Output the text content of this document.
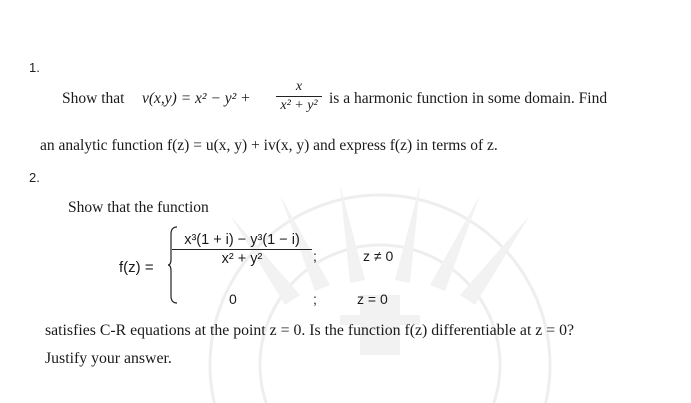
1.
Show that v(x,y) = x² − y² +
x
x² + y² is a harmonic function in some domain. Find
an analytic function f(z) = u(x, y) + iv(x, y) and express f(z) in terms of z.
2.
Show that the function
f(z) =
x³(1 + i) − y³(1 − i)
x² + y²	;	z ≠ 0
0	;	z = 0
satisfies C-R equations at the point z = 0. Is the function f(z) differentiable at z = 0?
Justify your answer.
